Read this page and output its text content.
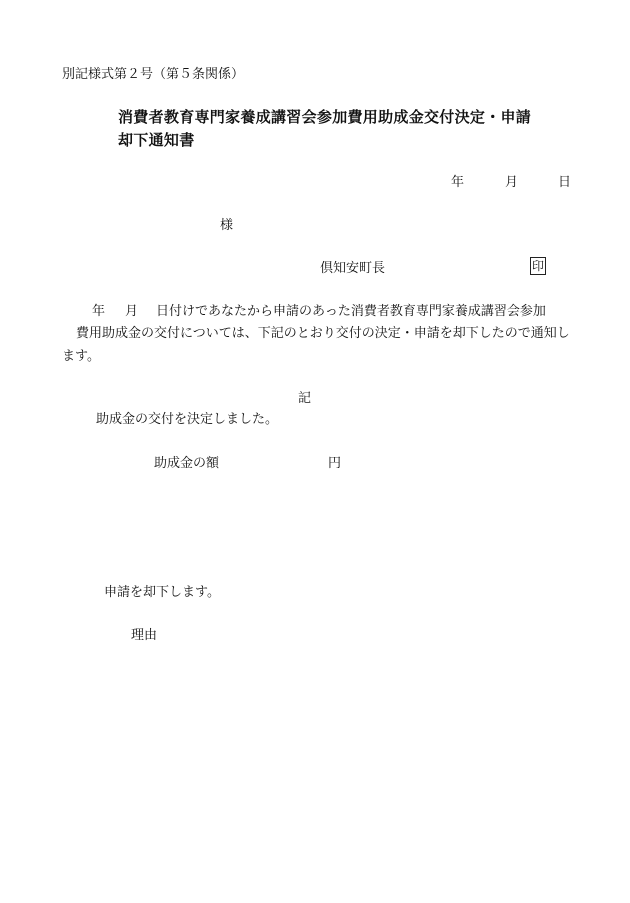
別記様式第２号（第５条関係）
消費者教育専門家養成講習会参加費用助成金交付決定・申請
却下通知書
年	月	日
様
倶知安町長	印
年 月 日付けであなたから申請のあった消費者教育専門家養成講習会参加
費用助成金の交付については、下記のとおり交付の決定・申請を却下したので通知し
ます。
記
助成金の交付を決定しました。
助成金の額	円
申請を却下します。
理由
